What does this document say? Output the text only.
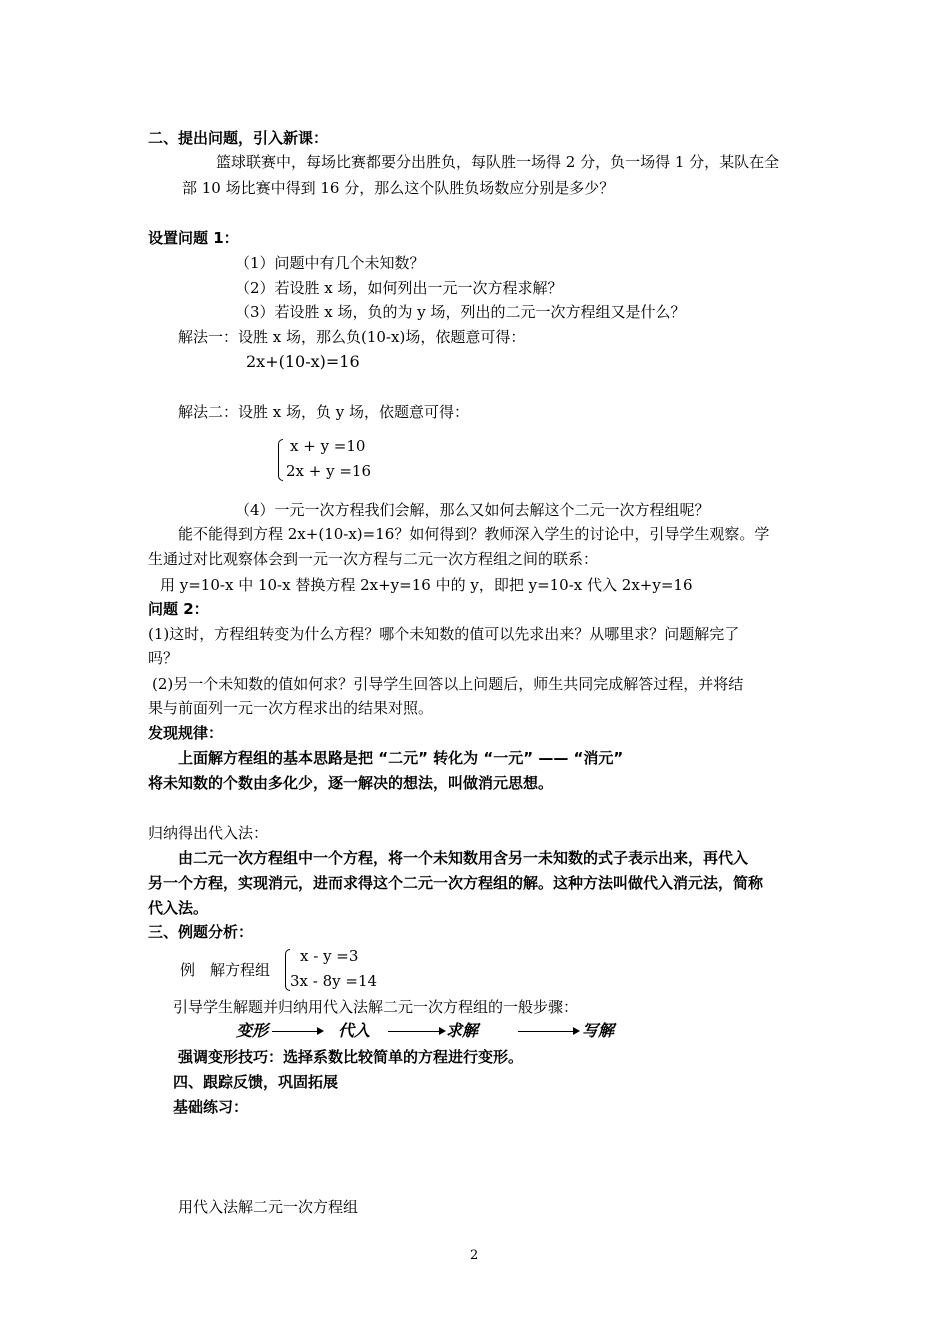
二、提出问题，引入新课：
篮球联赛中，每场比赛都要分出胜负，每队胜一场得 2 分，负一场得 1 分，某队在全
部 10 场比赛中得到 16 分，那么这个队胜负场数应分别是多少？
设置问题 1：
（1）问题中有几个未知数？
（2）若设胜 x 场，如何列出一元一次方程求解？
（3）若设胜 x 场，负的为 y 场，列出的二元一次方程组又是什么？
解法一：设胜 x 场，那么负(10-x)场，依题意可得：
2x+(10-x)=16
解法二：设胜 x 场，负 y 场，依题意可得：
x + y =10
2x + y =16
（4）一元一次方程我们会解，那么又如何去解这个二元一次方程组呢？
能不能得到方程 2x+(10-x)=16？如何得到？教师深入学生的讨论中，引导学生观察。学
生通过对比观察体会到一元一次方程与二元一次方程组之间的联系：
用 y=10-x 中 10-x 替换方程 2x+y=16 中的 y，即把 y=10-x 代入 2x+y=16
问题 2：
(1)这时，方程组转变为什么方程？哪个未知数的值可以先求出来？从哪里求？问题解完了
吗？
(2)另一个未知数的值如何求？引导学生回答以上问题后，师生共同完成解答过程，并将结
果与前面列一元一次方程求出的结果对照。
发现规律：
上面解方程组的基本思路是把 “二元” 转化为 “一元” —— “消元”
将未知数的个数由多化少，逐一解决的想法，叫做消元思想。
归纳得出代入法：
由二元一次方程组中一个方程，将一个未知数用含另一未知数的式子表示出来，再代入
另一个方程，实现消元，进而求得这个二元一次方程组的解。这种方法叫做代入消元法，简称
代入法。
三、例题分析：
例　解方程组
x - y =3
3x - 8y =14
引导学生解题并归纳用代入法解二元一次方程组的一般步骤：
变形	代入	求解	写解
强调变形技巧：选择系数比较简单的方程进行变形。
四、跟踪反馈，巩固拓展
基础练习：
用代入法解二元一次方程组
2
